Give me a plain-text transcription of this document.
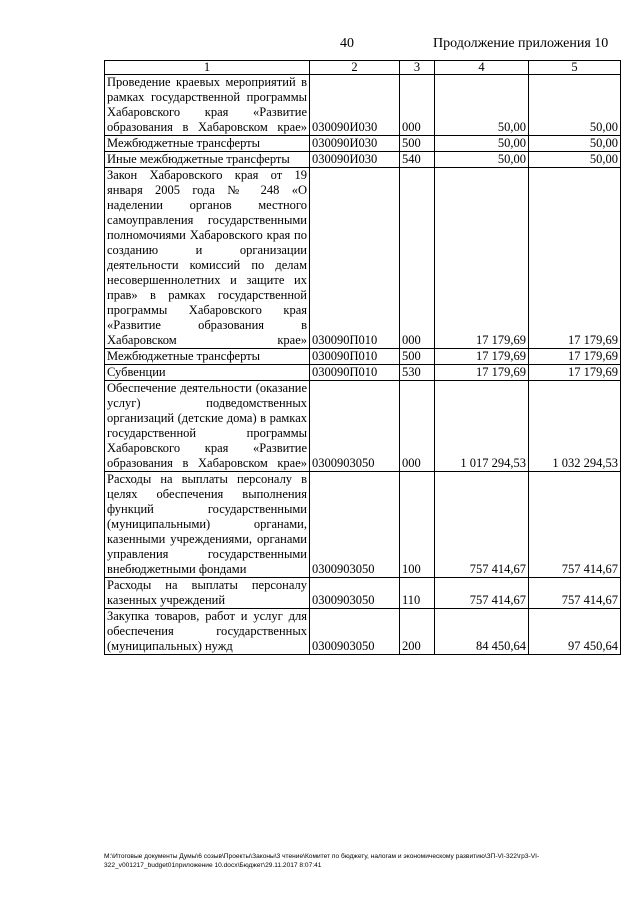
40	Продолжение приложения 10
1	2	3	4	5
Проведение краевых мероприятий в рамках государственной программы Хабаровского края «Развитие образования в Хабаровском крае»	030090И030	000	50,00	50,00
Межбюджетные трансферты	030090И030	500	50,00	50,00
Иные межбюджетные трансферты	030090И030	540	50,00	50,00
Закон Хабаровского края от 19 января 2005 года № 248 «О наделении органов местного самоуправления государственными полномочиями Хабаровского края по созданию и организации деятельности комиссий по делам несовершеннолетних и защите их прав» в рамках государственной программы Хабаровского края «Развитие образования в Хабаровском крае»	030090П010	000	17 179,69	17 179,69
Межбюджетные трансферты	030090П010	500	17 179,69	17 179,69
Субвенции	030090П010	530	17 179,69	17 179,69
Обеспечение деятельности (оказание услуг) подведомственных организаций (детские дома) в рамках государственной программы Хабаровского края «Развитие образования в Хабаровском крае»	0300903050	000	1 017 294,53	1 032 294,53
Расходы на выплаты персоналу в целях обеспечения выполнения функций государственными (муниципальными) органами, казенными учреждениями, органами управления государственными внебюджетными фондами	0300903050	100	757 414,67	757 414,67
Расходы на выплаты персоналу казенных учреждений	0300903050	110	757 414,67	757 414,67
Закупка товаров, работ и услуг для обеспечения государственных (муниципальных) нужд	0300903050	200	84 450,64	97 450,64
M:\Итоговые документы Думы\6 созыв\Проекты\Законы\3 чтение\Комитет по бюджету, налогам и экономическому развитию\ЗП-VI-322\гр3-VI-322_v001217_budget01приложение 10.docx\Бюджет\29.11.2017 8:07:41
